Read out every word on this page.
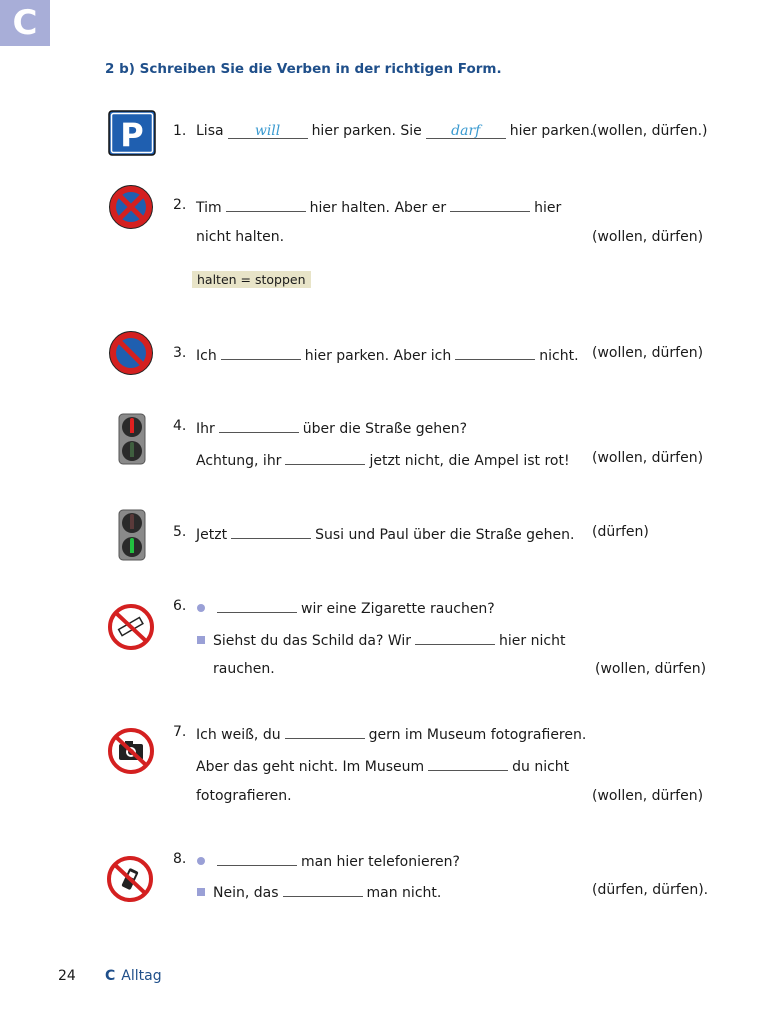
C
2 b) Schreiben Sie die Verben in der richtigen Form.
P 1. Lisa will hier parken. Sie darf hier parken.
(wollen, dürfen.)
2. Tim	hier halten. Aber er	hier
nicht halten.	(wollen, dürfen)
halten = stoppen
3. Ich	hier parken. Aber ich	nicht. (wollen, dürfen)
4. Ihr	über die Straße gehen?
Achtung, ihr	jetzt nicht, die Ampel ist rot! (wollen, dürfen)
5. Jetzt	Susi und Paul über die Straße gehen. (dürfen)
6.	wir eine Zigarette rauchen?
Siehst du das Schild da? Wir	hier nicht
rauchen.	(wollen, dürfen)
7. Ich weiß, du	gern im Museum fotografieren.
Aber das geht nicht. Im Museum	du nicht
fotografieren.	(wollen, dürfen)
8.	man hier telefonieren?
Nein, das	man nicht.	(dürfen, dürfen).
24 C Alltag
